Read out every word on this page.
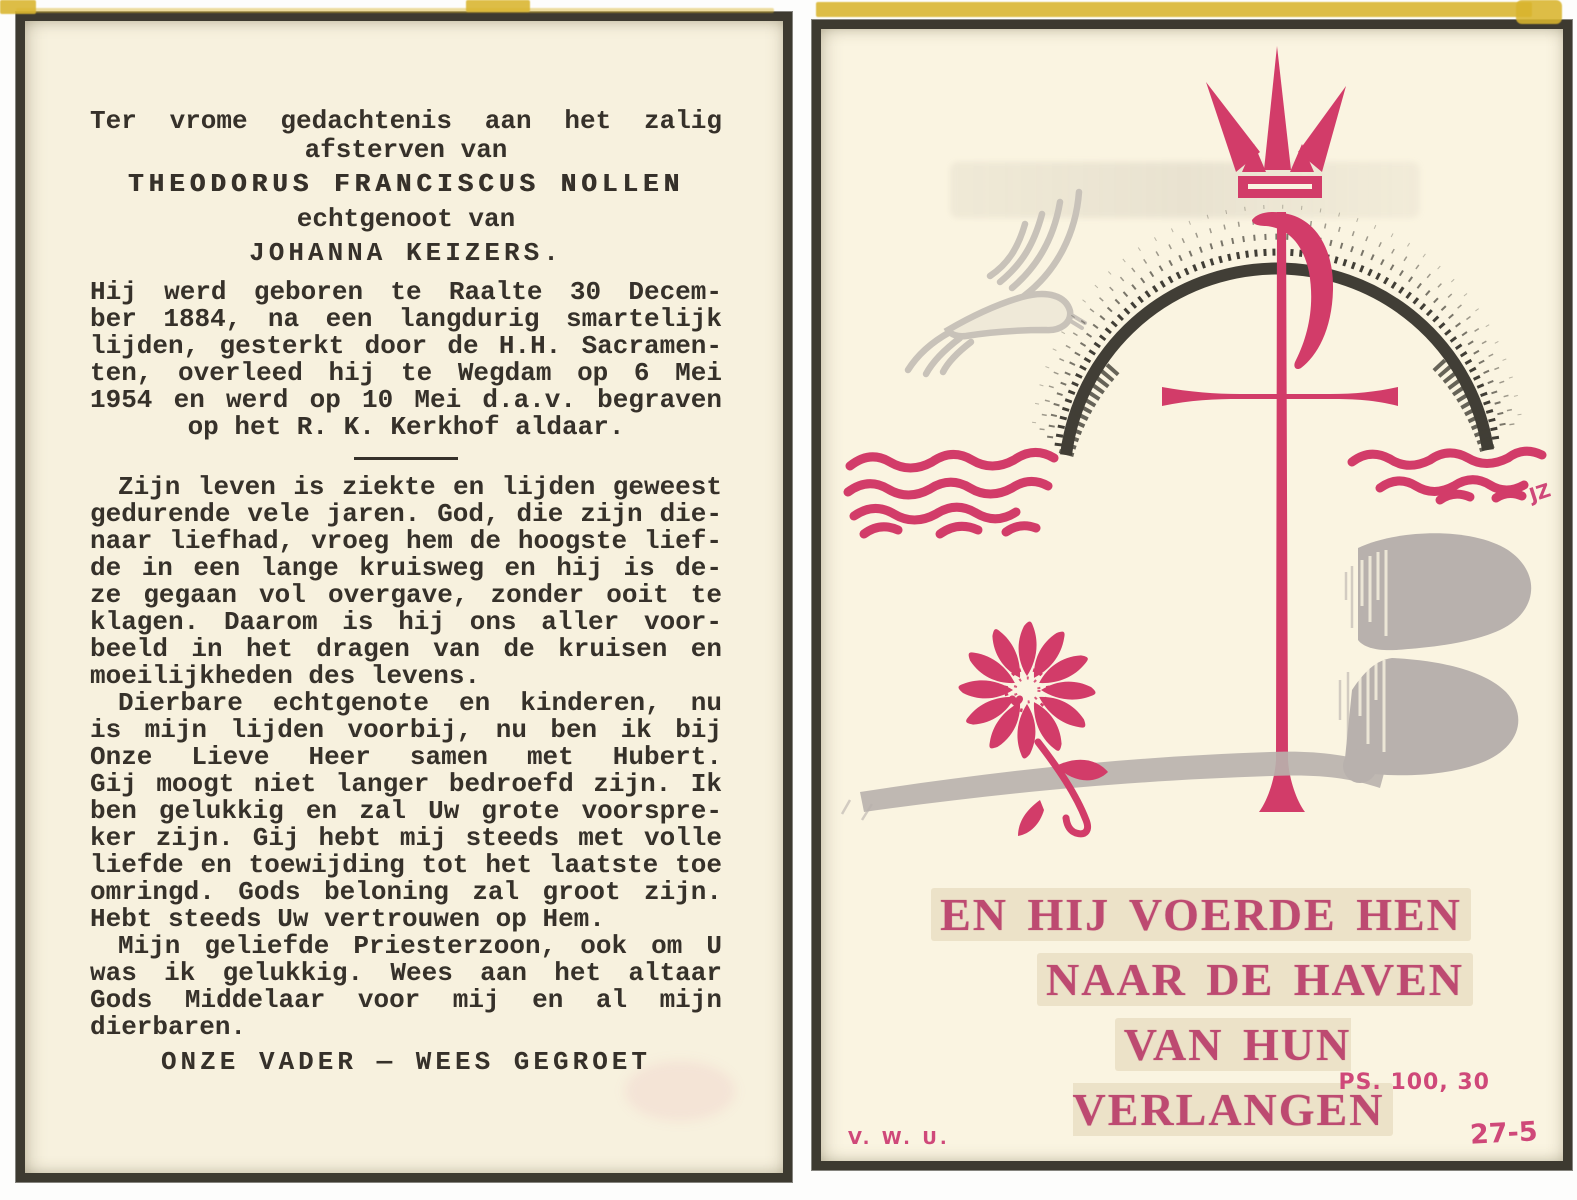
Ter vrome gedachtenis aan het zalig
afsterven van
THEODORUS FRANCISCUS NOLLEN
echtgenoot van
JOHANNA KEIZERS.
Hij werd geboren te Raalte 30 Decem-
ber 1884, na een langdurig smartelijk
lijden, gesterkt door de H.H. Sacramen-
ten, overleed hij te Wegdam op 6 Mei
1954 en werd op 10 Mei d.a.v. begraven
op het R. K. Kerkhof aldaar.
Zijn leven is ziekte en lijden geweest
gedurende vele jaren. God, die zijn die-
naar liefhad, vroeg hem de hoogste lief-
de in een lange kruisweg en hij is de-
ze gegaan vol overgave, zonder ooit te
klagen. Daarom is hij ons aller voor-
beeld in het dragen van de kruisen en
moeilijkheden des levens.
Dierbare echtgenote en kinderen, nu
is mijn lijden voorbij, nu ben ik bij
Onze Lieve Heer samen met Hubert.
Gij moogt niet langer bedroefd zijn. Ik
ben gelukkig en zal Uw grote voorspre-
ker zijn. Gij hebt mij steeds met volle
liefde en toewijding tot het laatste toe
omringd. Gods beloning zal groot zijn.
Hebt steeds Uw vertrouwen op Hem.
Mijn geliefde Priesterzoon, ook om U
was ik gelukkig. Wees aan het altaar
Gods Middelaar voor mij en al mijn
dierbaren.
ONZE VADER — WEES GEGROET
JZ
EN HIJ VOERDE HEN
NAAR DE HAVEN
VAN HUN VERLANGEN
PS. 100, 30
V. W. U.	27-5
